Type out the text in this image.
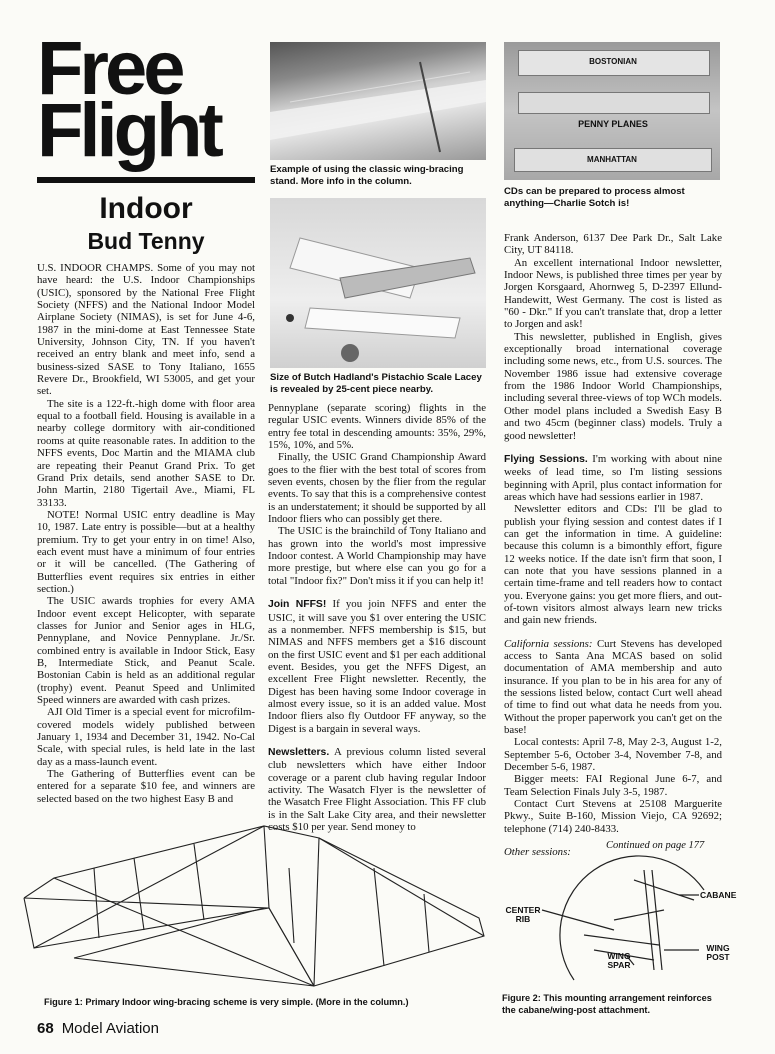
Free
Flight
Indoor
Bud Tenny
Example of using the classic wing-bracing stand. More info in the column.
Size of Butch Hadland's Pistachio Scale Lacey is revealed by 25-cent piece nearby.
BOSTONIAN
PENNY PLANES
MANHATTAN
CDs can be prepared to process almost anything—Charlie Sotch is!

U.S. INDOOR CHAMPS. Some of you may not have heard: the U.S. Indoor Championships (USIC), sponsored by the National Free Flight Society (NFFS) and the National Indoor Model Airplane Society (NIMAS), is set for June 4-6, 1987 in the mini-dome at East Tennessee State University, Johnson City, TN. If you haven't received an entry blank and meet info, send a business-sized SASE to Tony Italiano, 1655 Revere Dr., Brookfield, WI 53005, and get your set.

The site is a 122-ft.-high dome with floor area equal to a football field. Housing is available in a nearby college dormitory with air-conditioned rooms at quite reasonable rates. In addition to the NFFS events, Doc Martin and the MIAMA club are repeating their Peanut Grand Prix. To get Grand Prix details, send another SASE to Dr. John Martin, 2180 Tigertail Ave., Miami, FL 33133.

NOTE! Normal USIC entry deadline is May 10, 1987. Late entry is possible—but at a healthy premium. Try to get your entry in on time! Also, each event must have a minimum of four entries or it will be cancelled. (The Gathering of Butterflies event requires six entries in either section.)

The USIC awards trophies for every AMA Indoor event except Helicopter, with separate classes for Junior and Senior ages in HLG, Pennyplane, and Novice Pennyplane. Jr./Sr. combined entry is available in Indoor Stick, Easy B, Intermediate Stick, and Peanut Scale. Bostonian Cabin is held as an additional regular (trophy) event. Peanut Speed and Unlimited Speed winners are awarded with cash prizes.

AJI Old Timer is a special event for microfilm-covered models widely published between January 1, 1934 and December 31, 1942. No-Cal Scale, with special rules, is held late in the last day as a mass-launch event.

The Gathering of Butterflies event can be entered for a separate $10 fee, and winners are selected based on the two highest Easy B and

Pennyplane (separate scoring) flights in the regular USIC events. Winners divide 85% of the entry fee total in descending amounts: 35%, 29%, 15%, 10%, and 5%.

Finally, the USIC Grand Championship Award goes to the flier with the best total of scores from seven events, chosen by the flier from the regular events. To say that this is a comprehensive contest is an understatement; it should be supported by all Indoor fliers who can possibly get there.

The USIC is the brainchild of Tony Italiano and has grown into the world's most impressive Indoor contest. A World Championship may have more prestige, but where else can you go for a total "Indoor fix?" Don't miss it if you can help it!

Join NFFS! If you join NFFS and enter the USIC, it will save you $1 over entering the USIC as a nonmember. NFFS membership is $15, but NIMAS and NFFS members get a $16 discount on the first USIC event and $1 per each additional event. Besides, you get the NFFS Digest, an excellent Free Flight newsletter. Recently, the Digest has been having some Indoor coverage in almost every issue, so it is an added value. Most Indoor fliers also fly Outdoor FF anyway, so the Digest is a bargain in several ways.

Newsletters. A previous column listed several club newsletters which have either Indoor coverage or a parent club having regular Indoor activity. The Wasatch Flyer is the newsletter of the Wasatch Free Flight Association. This FF club is in the Salt Lake City area, and their newsletter costs $10 per year. Send money to

Frank Anderson, 6137 Dee Park Dr., Salt Lake City, UT 84118.

An excellent international Indoor newsletter, Indoor News, is published three times per year by Jorgen Korsgaard, Ahornweg 5, D-2397 Ellund-Handewitt, West Germany. The cost is listed as "60 - Dkr." If you can't translate that, drop a letter to Jorgen and ask!

This newsletter, published in English, gives exceptionally broad international coverage including some news, etc., from U.S. sources. The November 1986 issue had extensive coverage from the 1986 Indoor World Championships, including several three-views of top WCh models. Other model plans included a Swedish Easy B and two 45cm (beginner class) models. Truly a good newsletter!

Flying Sessions. I'm working with about nine weeks of lead time, so I'm listing sessions beginning with April, plus contact information for areas which have had sessions earlier in 1987.

Newsletter editors and CDs: I'll be glad to publish your flying session and contest dates if I can get the information in time. A guideline: because this column is a bimonthly effort, figure 12 weeks notice. If the date isn't firm that soon, I can note that you have sessions planned in a certain time-frame and tell readers how to contact you. Everyone gains: you get more fliers, and out-of-town visitors almost always learn new tricks and gain new friends.

California sessions: Curt Stevens has developed access to Santa Ana MCAS based on solid documentation of AMA membership and auto insurance. If you plan to be in his area for any of the sessions listed below, contact Curt well ahead of time to find out what data he needs from you. Without the proper paperwork you can't get on the base!

Local contests: April 7-8, May 2-3, August 1-2, September 5-6, October 3-4, November 7-8, and December 5-6, 1987.

Bigger meets: FAI Regional June 6-7, and Team Selection Finals July 3-5, 1987.

Contact Curt Stevens at 25108 Marguerite Pkwy., Suite B-160, Mission Viejo, CA 92692; telephone (714) 240-8433.

Other sessions:

Continued on page 177
Figure 1: Primary Indoor wing-bracing scheme is very simple. (More in the column.)
CABANE
CENTER RIB
WING POST
WING SPAR
Figure 2: This mounting arrangement reinforces the cabane/wing-post attachment.
68 Model Aviation
